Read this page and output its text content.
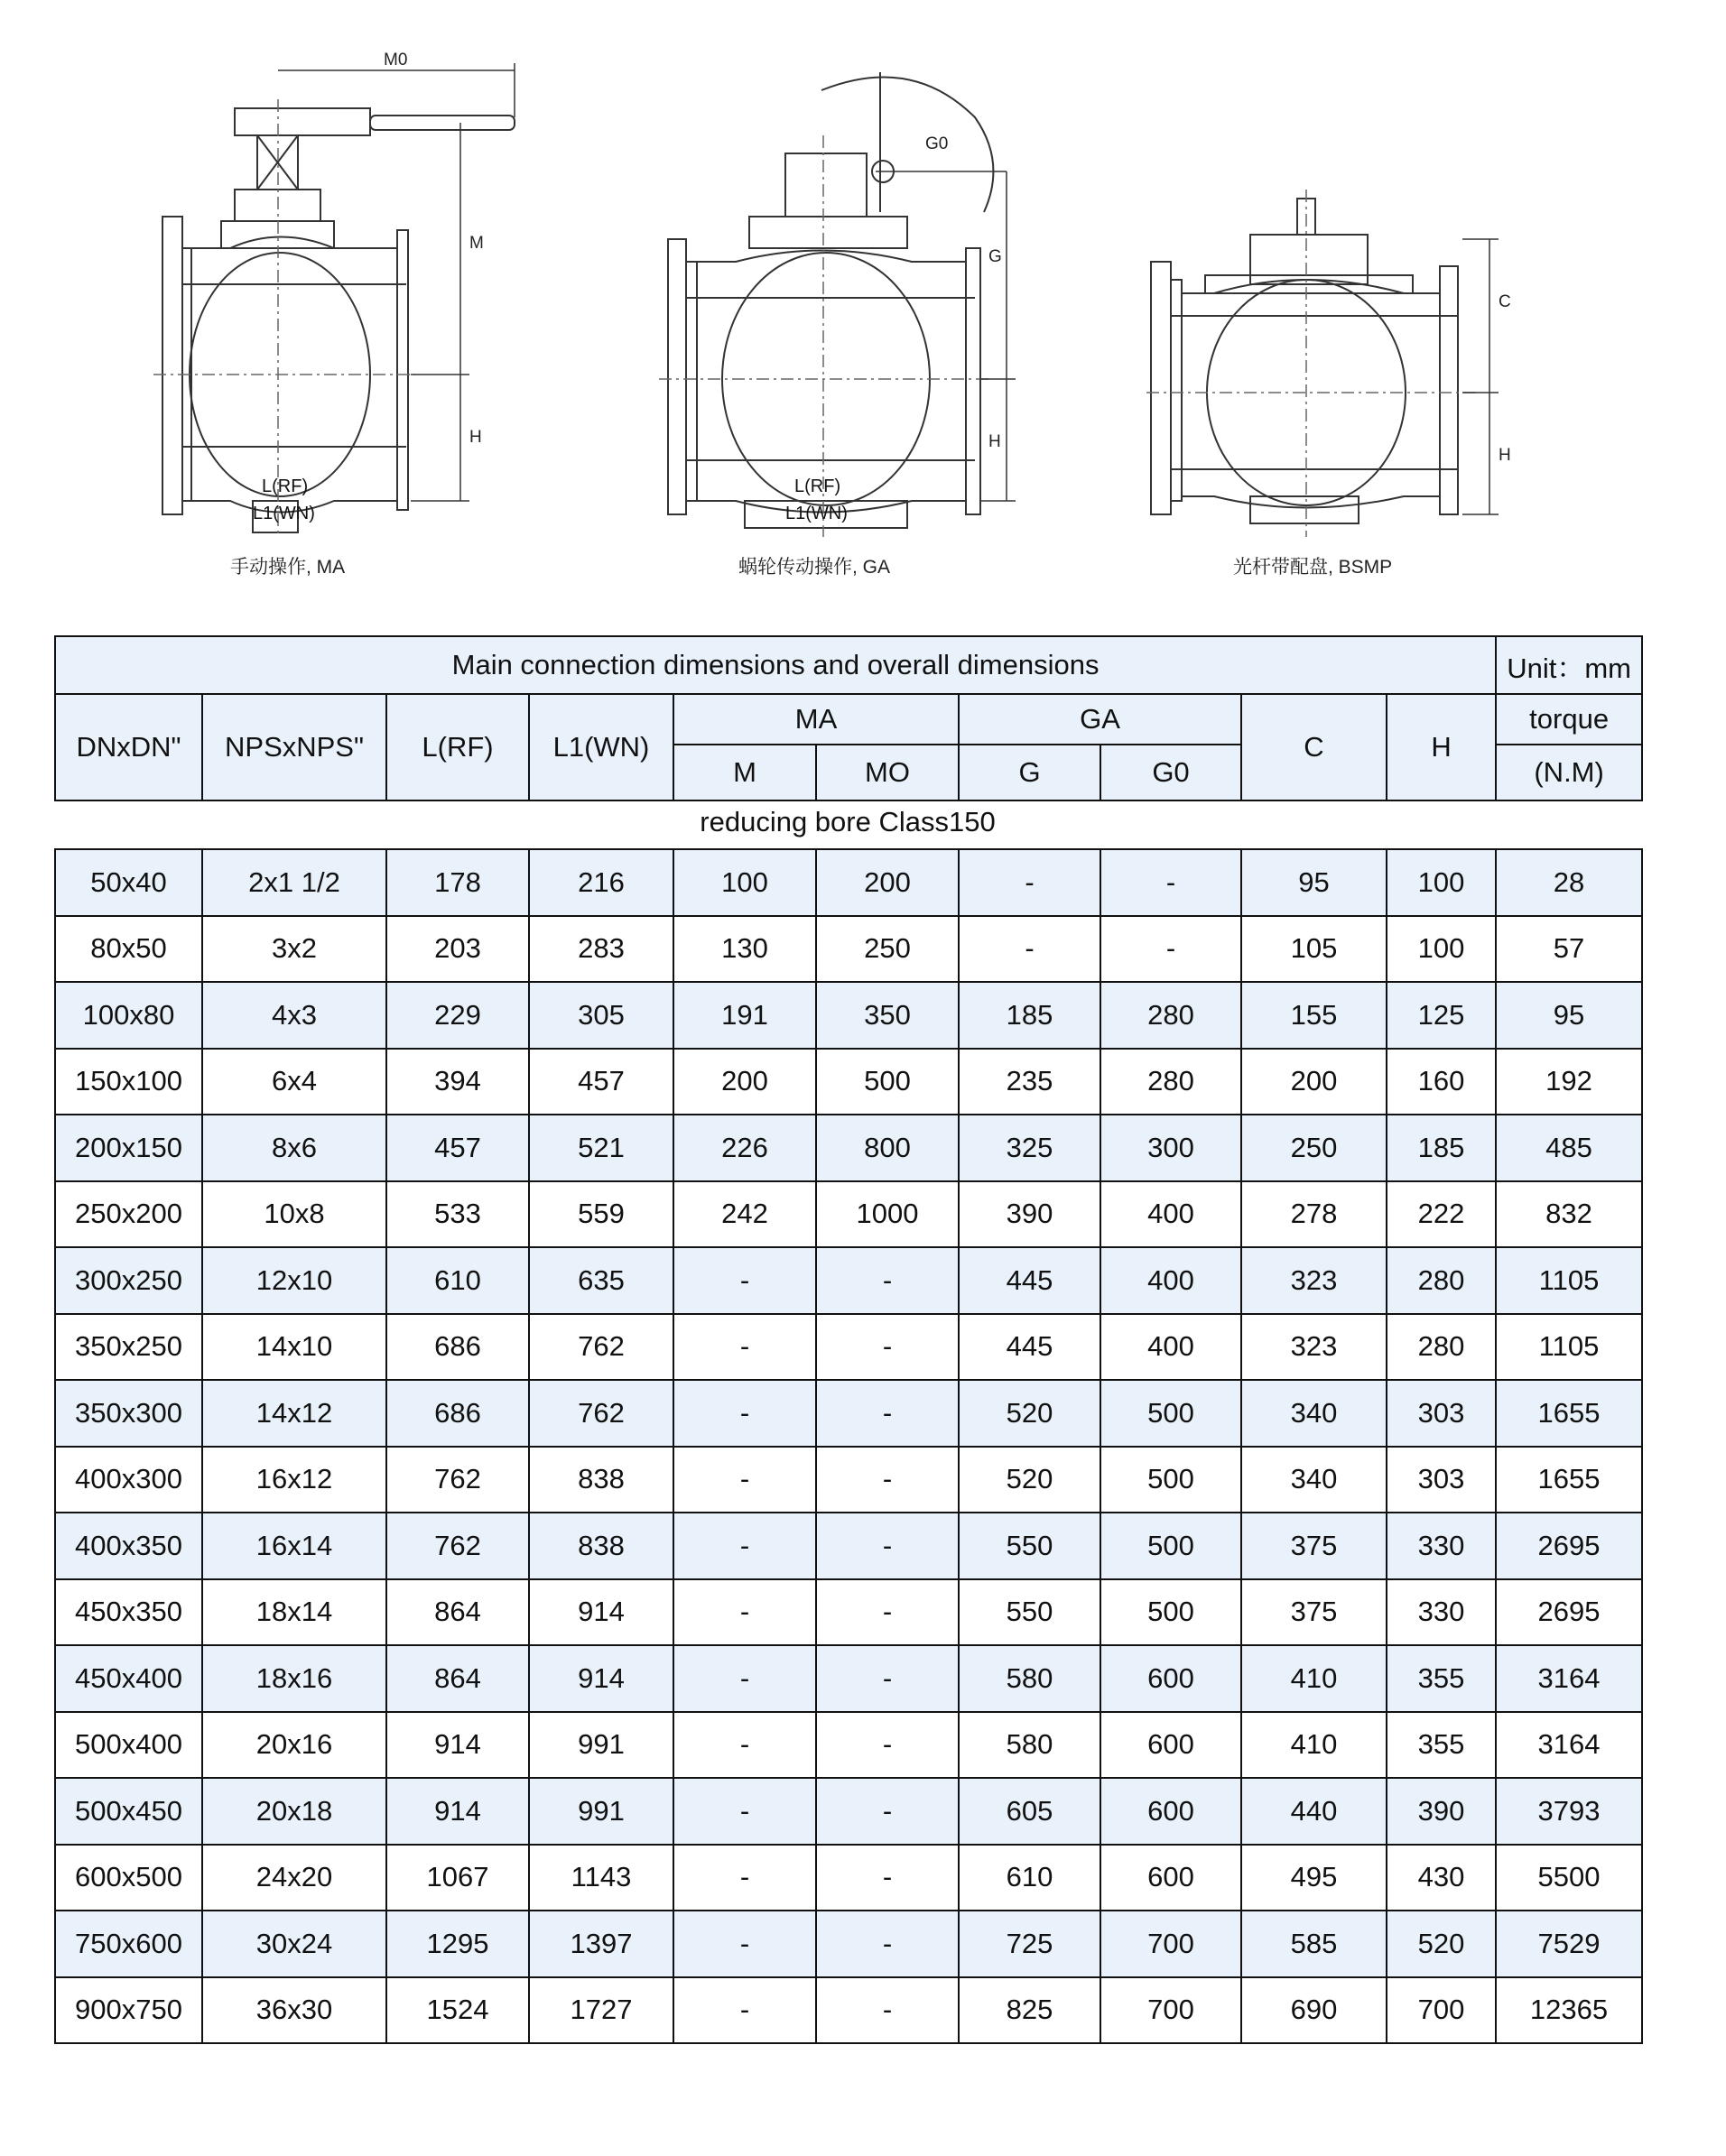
M0
M
H
L(RF)
L1(WN)
手动操作, MA
G0
G
H
L(RF)
L1(WN)
蜗轮传动操作, GA
C
H
光杆带配盘, BSMP
Main connection dimensions and overall dimensions										Unit：mm
DNxDN"	NPSxNPS"	L(RF)	L1(WN)	MA		GA		C	H	torque
				M	MO	G	G0			(N.M)
reducing bore Class150
50x40	2x1 1/2	178	216	100	200	-	-	95	100	28
80x50	3x2	203	283	130	250	-	-	105	100	57
100x80	4x3	229	305	191	350	185	280	155	125	95
150x100	6x4	394	457	200	500	235	280	200	160	192
200x150	8x6	457	521	226	800	325	300	250	185	485
250x200	10x8	533	559	242	1000	390	400	278	222	832
300x250	12x10	610	635	-	-	445	400	323	280	1105
350x250	14x10	686	762	-	-	445	400	323	280	1105
350x300	14x12	686	762	-	-	520	500	340	303	1655
400x300	16x12	762	838	-	-	520	500	340	303	1655
400x350	16x14	762	838	-	-	550	500	375	330	2695
450x350	18x14	864	914	-	-	550	500	375	330	2695
450x400	18x16	864	914	-	-	580	600	410	355	3164
500x400	20x16	914	991	-	-	580	600	410	355	3164
500x450	20x18	914	991	-	-	605	600	440	390	3793
600x500	24x20	1067	1143	-	-	610	600	495	430	5500
750x600	30x24	1295	1397	-	-	725	700	585	520	7529
900x750	36x30	1524	1727	-	-	825	700	690	700	12365
